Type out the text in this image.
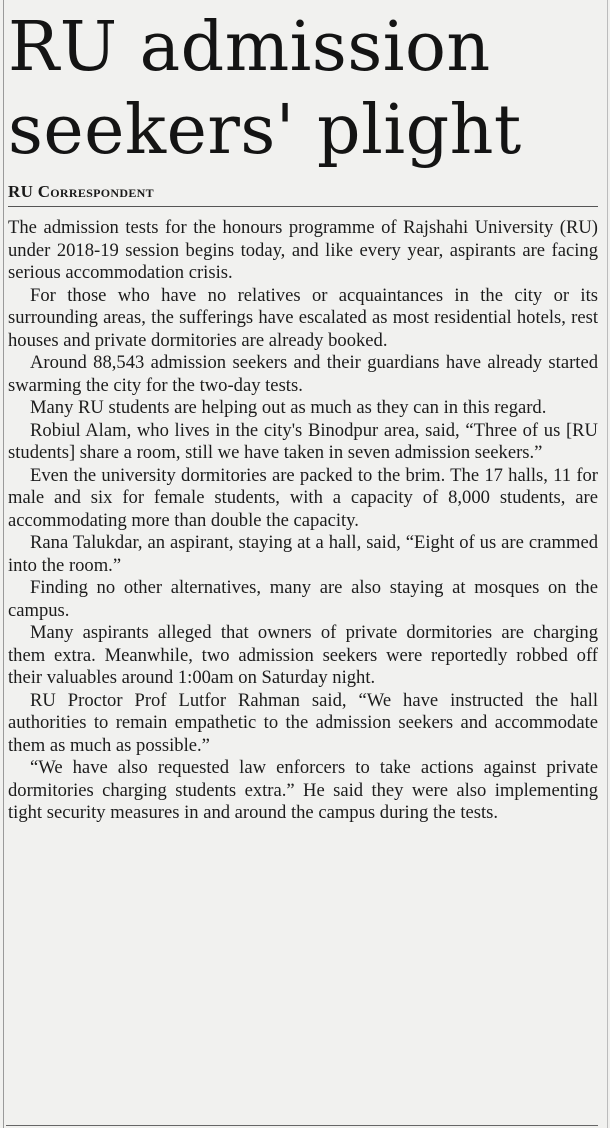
RU admission seekers' plight
RU Correspondent

The admission tests for the honours programme of Rajshahi University (RU) under 2018-19 session begins today, and like every year, aspirants are facing serious accommodation crisis.

For those who have no relatives or acquaintances in the city or its surrounding areas, the sufferings have escalated as most residential hotels, rest houses and private dormitories are already booked.

Around 88,543 admission seekers and their guardians have already started swarming the city for the two-day tests.

Many RU students are helping out as much as they can in this regard.

Robiul Alam, who lives in the city's Binodpur area, said, “Three of us [RU students] share a room, still we have taken in seven admission seekers.”

Even the university dormitories are packed to the brim. The 17 halls, 11 for male and six for female students, with a capacity of 8,000 students, are accommodating more than double the capacity.

Rana Talukdar, an aspirant, staying at a hall, said, “Eight of us are crammed into the room.”

Finding no other alternatives, many are also staying at mosques on the campus.

Many aspirants alleged that owners of private dormitories are charging them extra. Meanwhile, two admission seekers were reportedly robbed off their valuables around 1:00am on Saturday night.

RU Proctor Prof Lutfor Rahman said, “We have instructed the hall authorities to remain empathetic to the admission seekers and accommodate them as much as possible.”

“We have also requested law enforcers to take actions against private dormitories charging students extra.” He said they were also implementing tight security measures in and around the campus during the tests.
